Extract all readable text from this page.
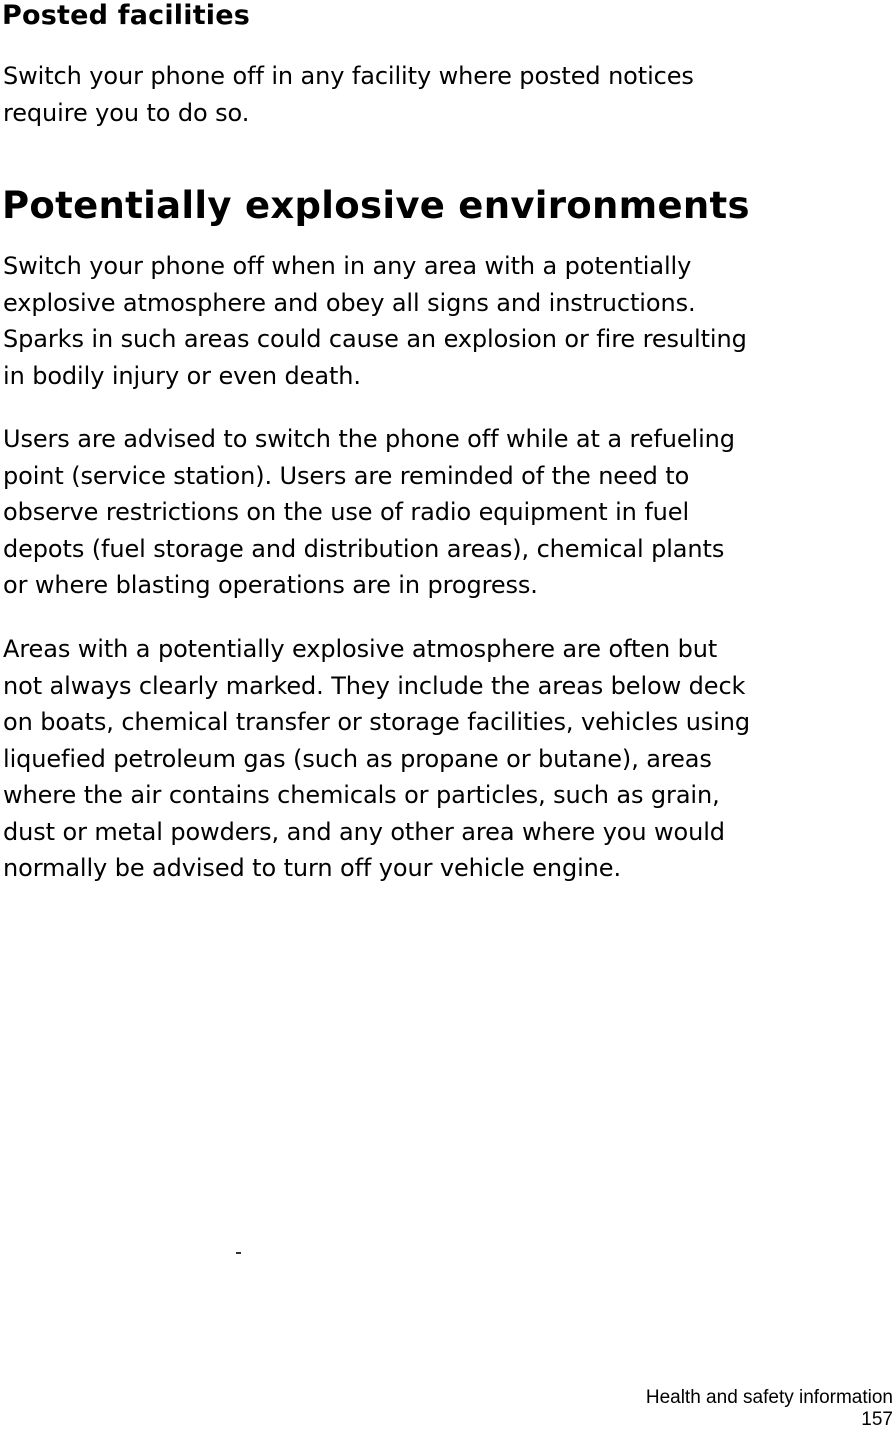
Posted facilities

Switch your phone off in any facility where posted notices
require you to do so.

Potentially explosive environments

Switch your phone off when in any area with a potentially
explosive atmosphere and obey all signs and instructions.
Sparks in such areas could cause an explosion or fire resulting
in bodily injury or even death.

Users are advised to switch the phone off while at a refueling
point (service station). Users are reminded of the need to
observe restrictions on the use of radio equipment in fuel
depots (fuel storage and distribution areas), chemical plants
or where blasting operations are in progress.

Areas with a potentially explosive atmosphere are often but
not always clearly marked. They include the areas below deck
on boats, chemical transfer or storage facilities, vehicles using
liquefied petroleum gas (such as propane or butane), areas
where the air contains chemicals or particles, such as grain,
dust or metal powders, and any other area where you would
normally be advised to turn off your vehicle engine.

Health and safety information
157
